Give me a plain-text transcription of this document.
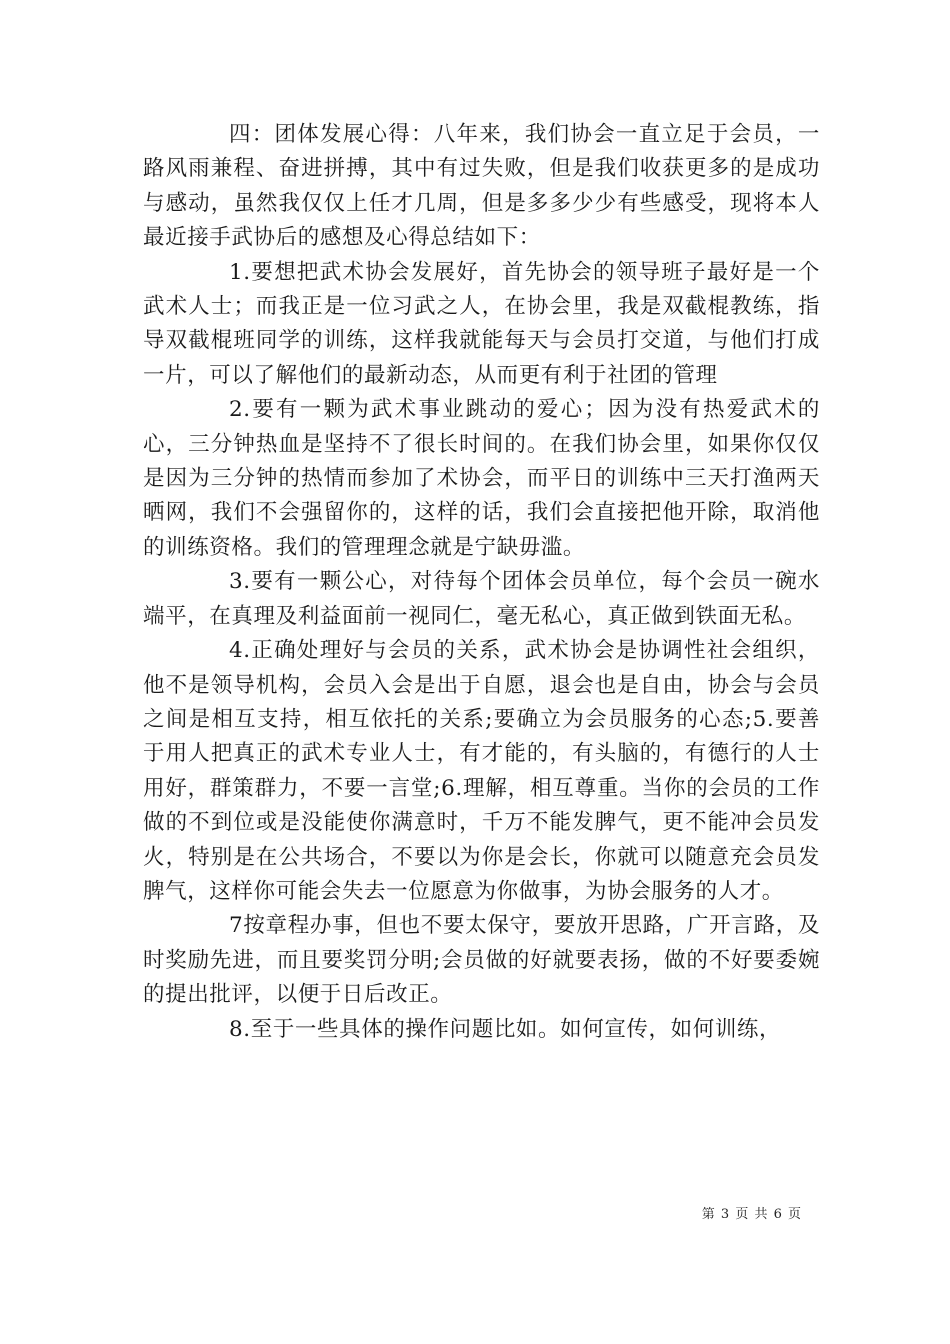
四：团体发展心得：八年来，我们协会一直立足于会员，一路风雨兼程、奋进拼搏，其中有过失败，但是我们收获更多的是成功与感动，虽然我仅仅上任才几周，但是多多少少有些感受，现将本人最近接手武协后的感想及心得总结如下：

1.要想把武术协会发展好，首先协会的领导班子最好是一个武术人士；而我正是一位习武之人，在协会里，我是双截棍教练，指导双截棍班同学的训练，这样我就能每天与会员打交道，与他们打成一片，可以了解他们的最新动态，从而更有利于社团的管理

2.要有一颗为武术事业跳动的爱心；因为没有热爱武术的心，三分钟热血是坚持不了很长时间的。在我们协会里，如果你仅仅是因为三分钟的热情而参加了术协会，而平日的训练中三天打渔两天晒网，我们不会强留你的，这样的话，我们会直接把他开除，取消他的训练资格。我们的管理理念就是宁缺毋滥。

3.要有一颗公心，对待每个团体会员单位，每个会员一碗水端平，在真理及利益面前一视同仁，毫无私心，真正做到铁面无私。

4.正确处理好与会员的关系，武术协会是协调性社会组织，他不是领导机构，会员入会是出于自愿，退会也是自由，协会与会员之间是相互支持，相互依托的关系;要确立为会员服务的心态;5.要善于用人把真正的武术专业人士，有才能的，有头脑的，有德行的人士用好，群策群力，不要一言堂;6.理解，相互尊重。当你的会员的工作做的不到位或是没能使你满意时，千万不能发脾气，更不能冲会员发火，特别是在公共场合，不要以为你是会长，你就可以随意充会员发脾气，这样你可能会失去一位愿意为你做事，为协会服务的人才。

7按章程办事，但也不要太保守，要放开思路，广开言路，及时奖励先进，而且要奖罚分明;会员做的好就要表扬，做的不好要委婉的提出批评，以便于日后改正。

8.至于一些具体的操作问题比如。如何宣传，如何训练，

第 3 页 共 6 页
